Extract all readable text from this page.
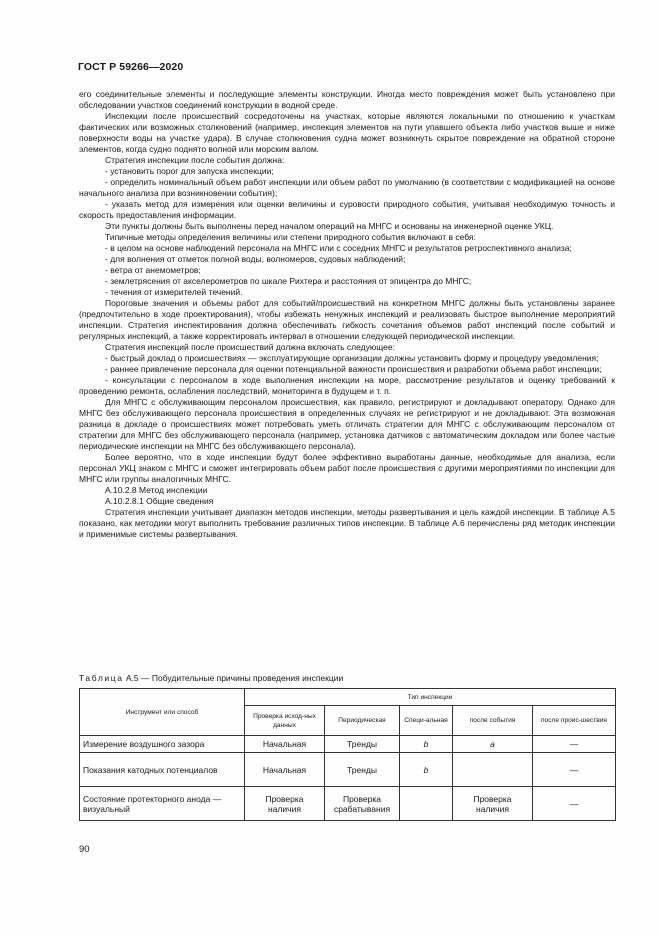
ГОСТ Р 59266—2020

его соединительные элементы и последующие элементы конструкции. Иногда место повреждения может быть установлено при обследовании участков соединений конструкции в водной среде.

Инспекции после происшествий сосредоточены на участках, которые являются локальными по отношению к участкам фактических или возможных столкновений (например, инспекция элементов на пути упавшего объекта либо участков выше и ниже поверхности воды на участке удара). В случае столкновения судна может возникнуть скрытое повреждение на обратной стороне элементов, когда судно поднято волной или морским валом.

Стратегия инспекции после события должна:

- установить порог для запуска инспекции;

- определить номинальный объем работ инспекции или объем работ по умолчанию (в соответствии с модификацией на основе начального анализа при возникновении события);

- указать метод для измерения или оценки величины и суровости природного события, учитывая необходимую точность и скорость предоставления информации.

Эти пункты должны быть выполнены перед началом операций на МНГС и основаны на инженерной оценке УКЦ.

Типичные методы определения величины или степени природного события включают в себя:

- в целом на основе наблюдений персонала на МНГС или с соседних МНГС и результатов ретроспективного анализа;

- для волнения от отметок полной воды, волномеров, судовых наблюдений;

- ветра от анемометров;

- землетрясения от акселерометров по шкале Рихтера и расстояния от эпицентра до МНГС;

- течения от измерителей течений.

Пороговые значения и объемы работ для событий/происшествий на конкретном МНГС должны быть установлены заранее (предпочтительно в ходе проектирования), чтобы избежать ненужных инспекций и реализовать быстрое выполнение мероприятий инспекции. Стратегия инспектирования должна обеспечивать гибкость сочетания объемов работ инспекций после событий и регулярных инспекций, а также корректировать интервал в отношении следующей периодической инспекции.

Стратегия инспекций после происшествий должна включать следующее:

- быстрый доклад о происшествиях — эксплуатирующие организации должны установить форму и процедуру уведомления;

- раннее привлечение персонала для оценки потенциальной важности происшествия и разработки объема работ инспекции;

- консультации с персоналом в ходе выполнения инспекции на море, рассмотрение результатов и оценку требований к проведению ремонта, ослабления последствий, мониторинга в будущем и т. п.

Для МНГС с обслуживающим персоналом происшествия, как правило, регистрируют и докладывают оператору. Однако для МНГС без обслуживающего персонала происшествия в определенных случаях не регистрируют и не докладывают. Эта возможная разница в докладе о происшествиях может потребовать уметь отличать стратегии для МНГС с обслуживающим персоналом от стратегии для МНГС без обслуживающего персонала (например, установка датчиков с автоматическим докладом или более частые периодические инспекции на МНГС без обслуживающего персонала).

Более вероятно, что в ходе инспекции будут более эффективно выработаны данные, необходимые для анализа, если персонал УКЦ знаком с МНГС и сможет интегрировать объем работ после происшествия с другими мероприятиями по инспекции для МНГС или группы аналогичных МНГС.

А.10.2.8 Метод инспекции

А.10.2.8.1 Общие сведения

Стратегия инспекции учитывает диапазон методов инспекции, методы развертывания и цель каждой инспекции. В таблице А.5 показано, как методики могут выполнить требование различных типов инспекции. В таблице А.6 перечислены ряд методик инспекции и применимые системы развертывания.

Таблица А.5 — Побудительные причины проведения инспекции
Инструмент или способ	Тип инспекции				
	Проверка исход-ных данных	Периодическая	Специ-альная	после события	после проис-шествия
Измерение воздушного зазора	Начальная	Тренды	b	a	—
Показания катодных потенциалов	Начальная	Тренды	b		—
Состояние протекторного анода — визуальный	Проверка наличия	Проверка срабатывания		Проверка наличия	—
90
